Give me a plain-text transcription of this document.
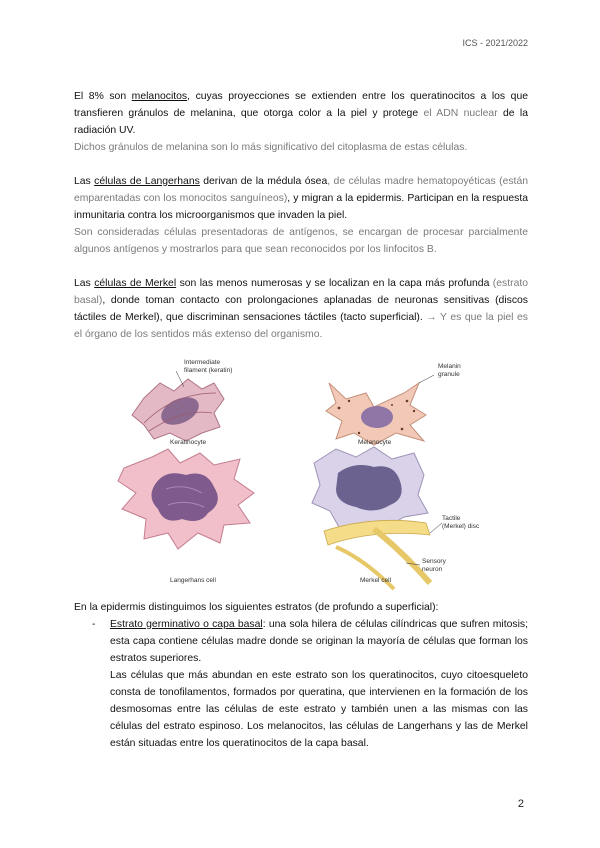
ICS - 2021/2022

El 8% son melanocitos, cuyas proyecciones se extienden entre los queratinocitos a los que transfieren gránulos de melanina, que otorga color a la piel y protege el ADN nuclear de la radiación UV.

Dichos gránulos de melanina son lo más significativo del citoplasma de estas células.

Las células de Langerhans derivan de la médula ósea, de células madre hematopoyéticas (están emparentadas con los monocitos sanguíneos), y migran a la epidermis. Participan en la respuesta inmunitaria contra los microorganismos que invaden la piel.

Son consideradas células presentadoras de antígenos, se encargan de procesar parcialmente algunos antígenos y mostrarlos para que sean reconocidos por los linfocitos B.

Las células de Merkel son las menos numerosas y se localizan en la capa más profunda (estrato basal), donde toman contacto con prolongaciones aplanadas de neuronas sensitivas (discos táctiles de Merkel), que discriminan sensaciones táctiles (tacto superficial). → Y es que la piel es el órgano de los sentidos más extenso del organismo.

Intermediate filament (keratin)
Melanin granule
Tactile (Merkel) disc
Sensory neuron
Keratinocyte	Melanocyte
Langerhans cell	Merkel cell

En la epidermis distinguimos los siguientes estratos (de profundo a superficial):

- Estrato germinativo o capa basal: una sola hilera de células cilíndricas que sufren mitosis; esta capa contiene células madre donde se originan la mayoría de células que forman los estratos superiores.

Las células que más abundan en este estrato son los queratinocitos, cuyo citoesqueleto consta de tonofilamentos, formados por queratina, que intervienen en la formación de los desmosomas entre las células de este estrato y también unen a las mismas con las células del estrato espinoso. Los melanocitos, las células de Langerhans y las de Merkel están situadas entre los queratinocitos de la capa basal.

2
